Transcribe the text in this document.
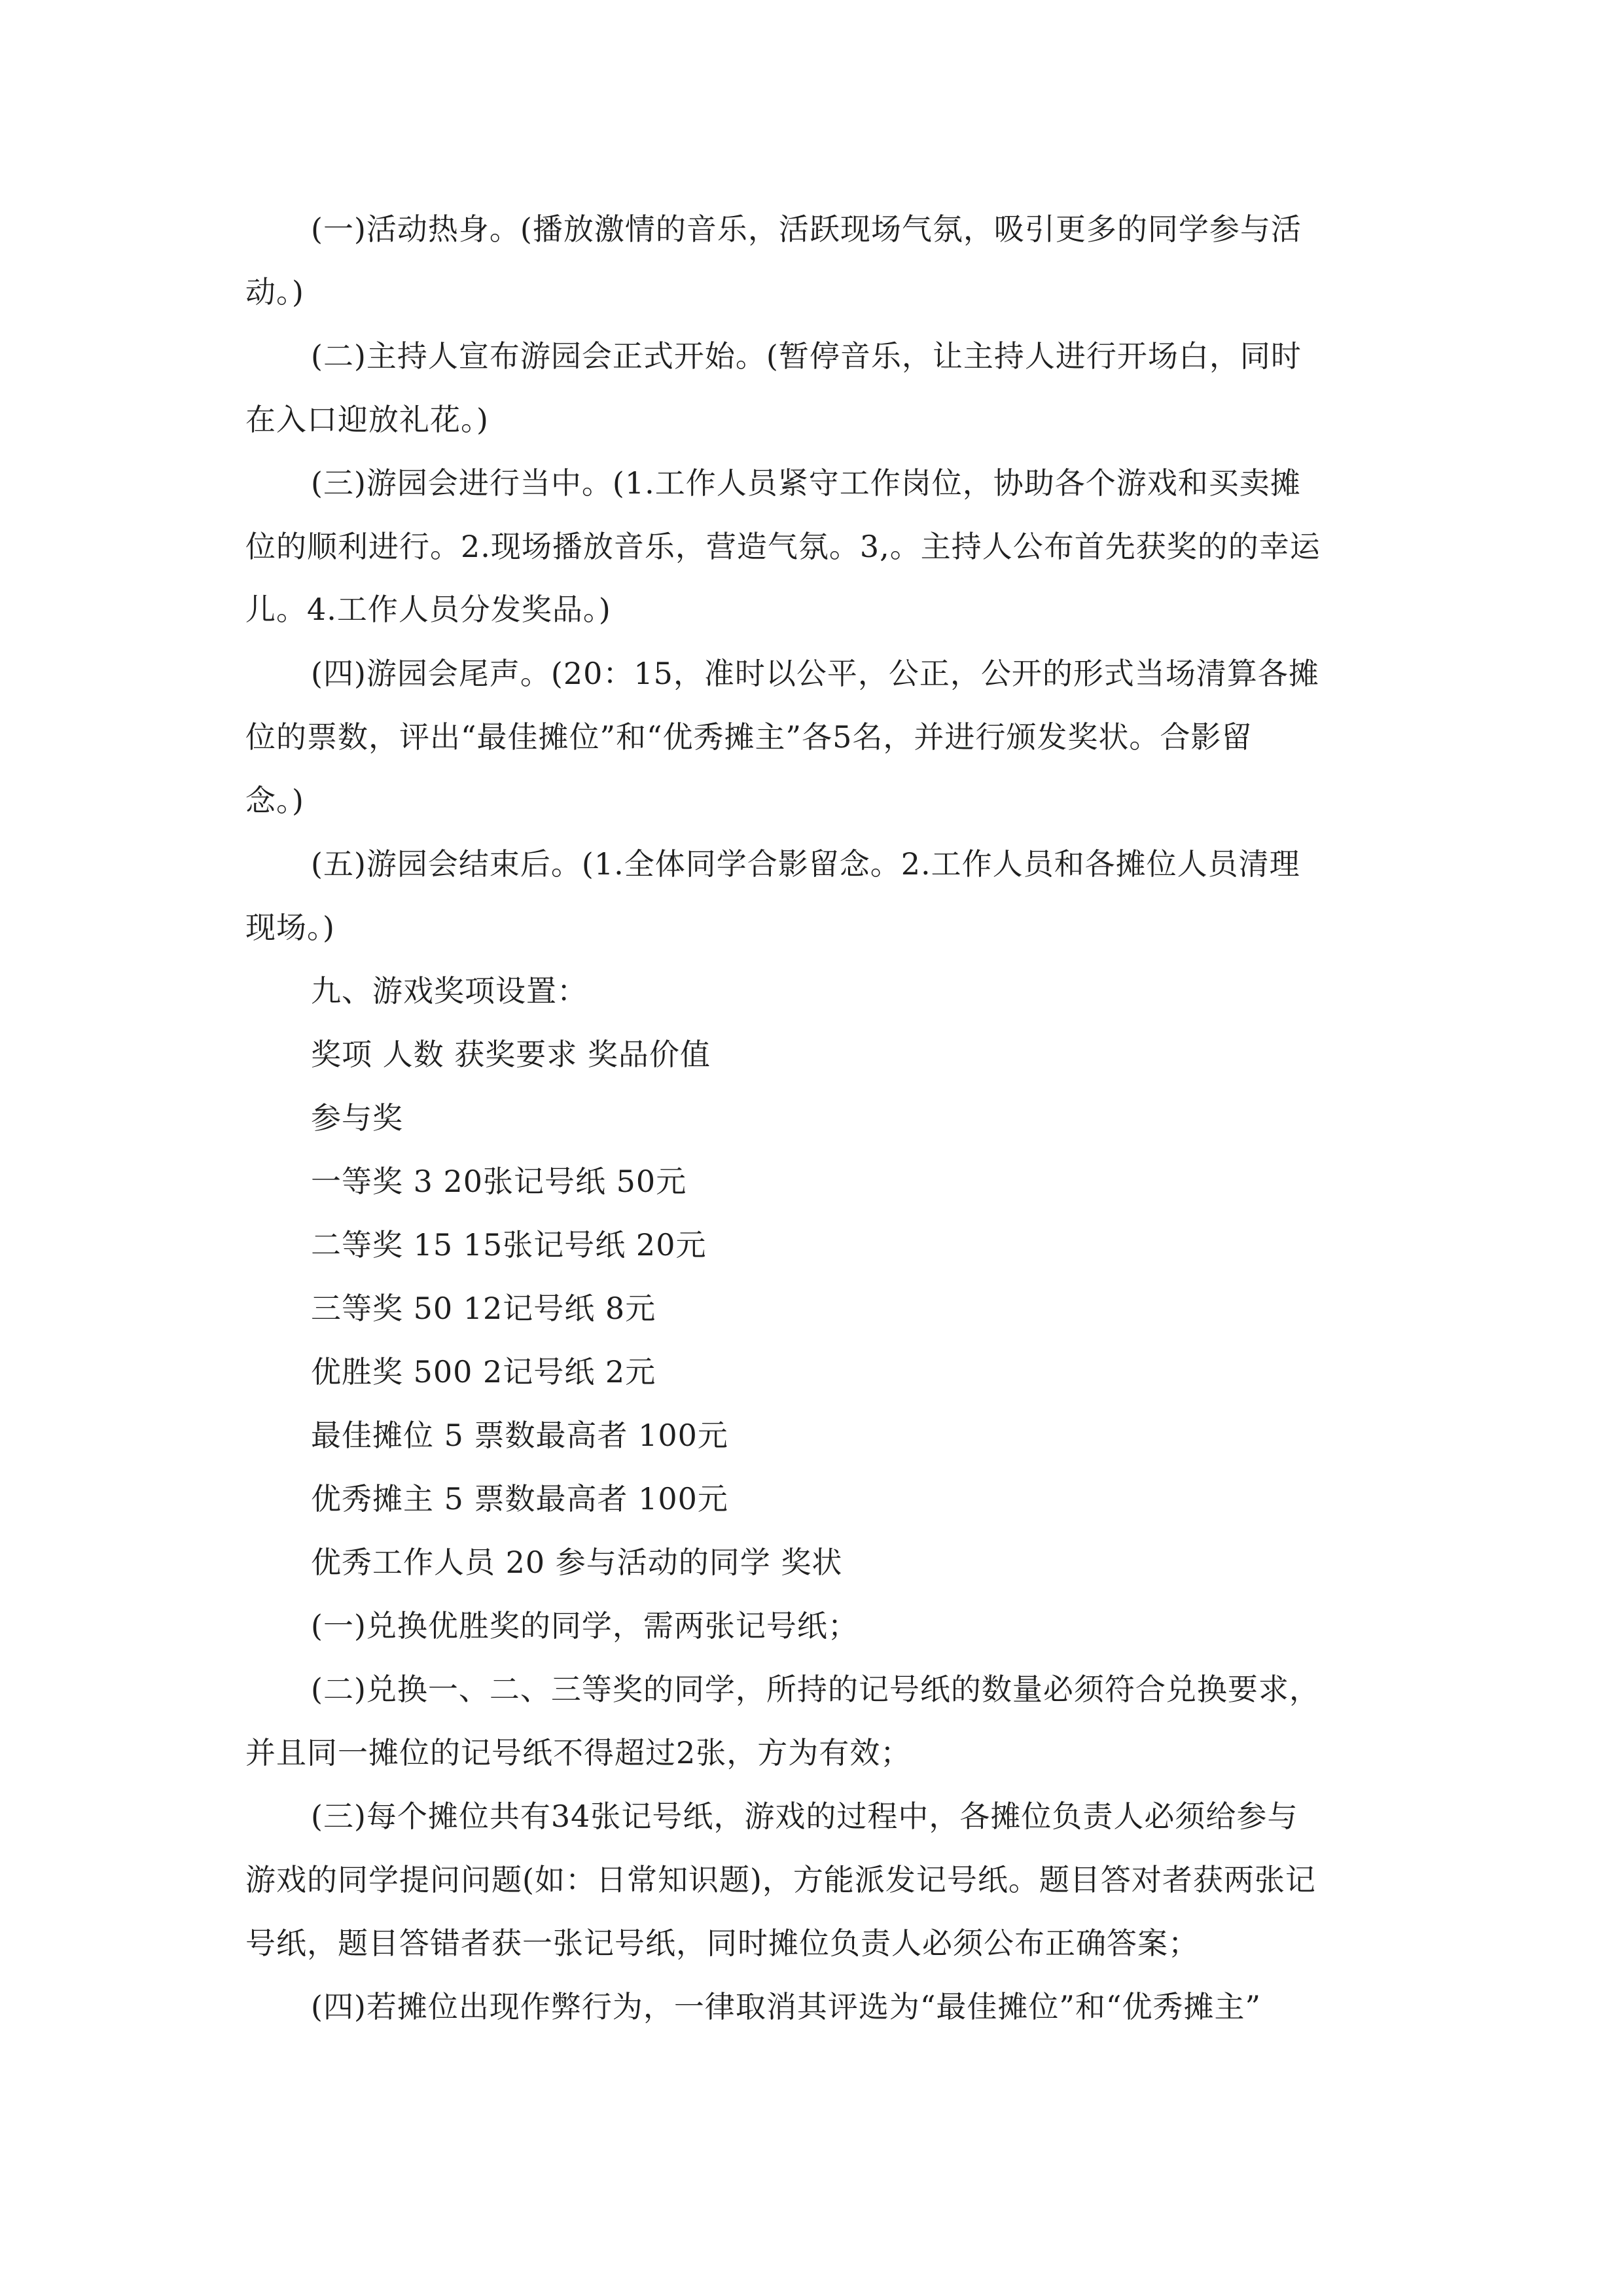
(一)活动热身。(播放激情的音乐，活跃现场气氛，吸引更多的同学参与活
动。)
(二)主持人宣布游园会正式开始。(暂停音乐，让主持人进行开场白，同时
在入口迎放礼花。)
(三)游园会进行当中。(1.工作人员紧守工作岗位，协助各个游戏和买卖摊
位的顺利进行。2.现场播放音乐，营造气氛。3,。主持人公布首先获奖的的幸运
儿。4.工作人员分发奖品。)
(四)游园会尾声。(20：15，准时以公平，公正，公开的形式当场清算各摊
位的票数，评出“最佳摊位”和“优秀摊主”各5名，并进行颁发奖状。合影留
念。)
(五)游园会结束后。(1.全体同学合影留念。2.工作人员和各摊位人员清理
现场。)
九、游戏奖项设置：
奖项 人数 获奖要求 奖品价值
参与奖
一等奖 3 20张记号纸 50元
二等奖 15 15张记号纸 20元
三等奖 50 12记号纸 8元
优胜奖 500 2记号纸 2元
最佳摊位 5 票数最高者 100元
优秀摊主 5 票数最高者 100元
优秀工作人员 20 参与活动的同学 奖状
(一)兑换优胜奖的同学，需两张记号纸；
(二)兑换一、二、三等奖的同学，所持的记号纸的数量必须符合兑换要求，
并且同一摊位的记号纸不得超过2张，方为有效；
(三)每个摊位共有34张记号纸，游戏的过程中，各摊位负责人必须给参与
游戏的同学提问问题(如：日常知识题)，方能派发记号纸。题目答对者获两张记
号纸，题目答错者获一张记号纸，同时摊位负责人必须公布正确答案；
(四)若摊位出现作弊行为，一律取消其评选为“最佳摊位”和“优秀摊主”
